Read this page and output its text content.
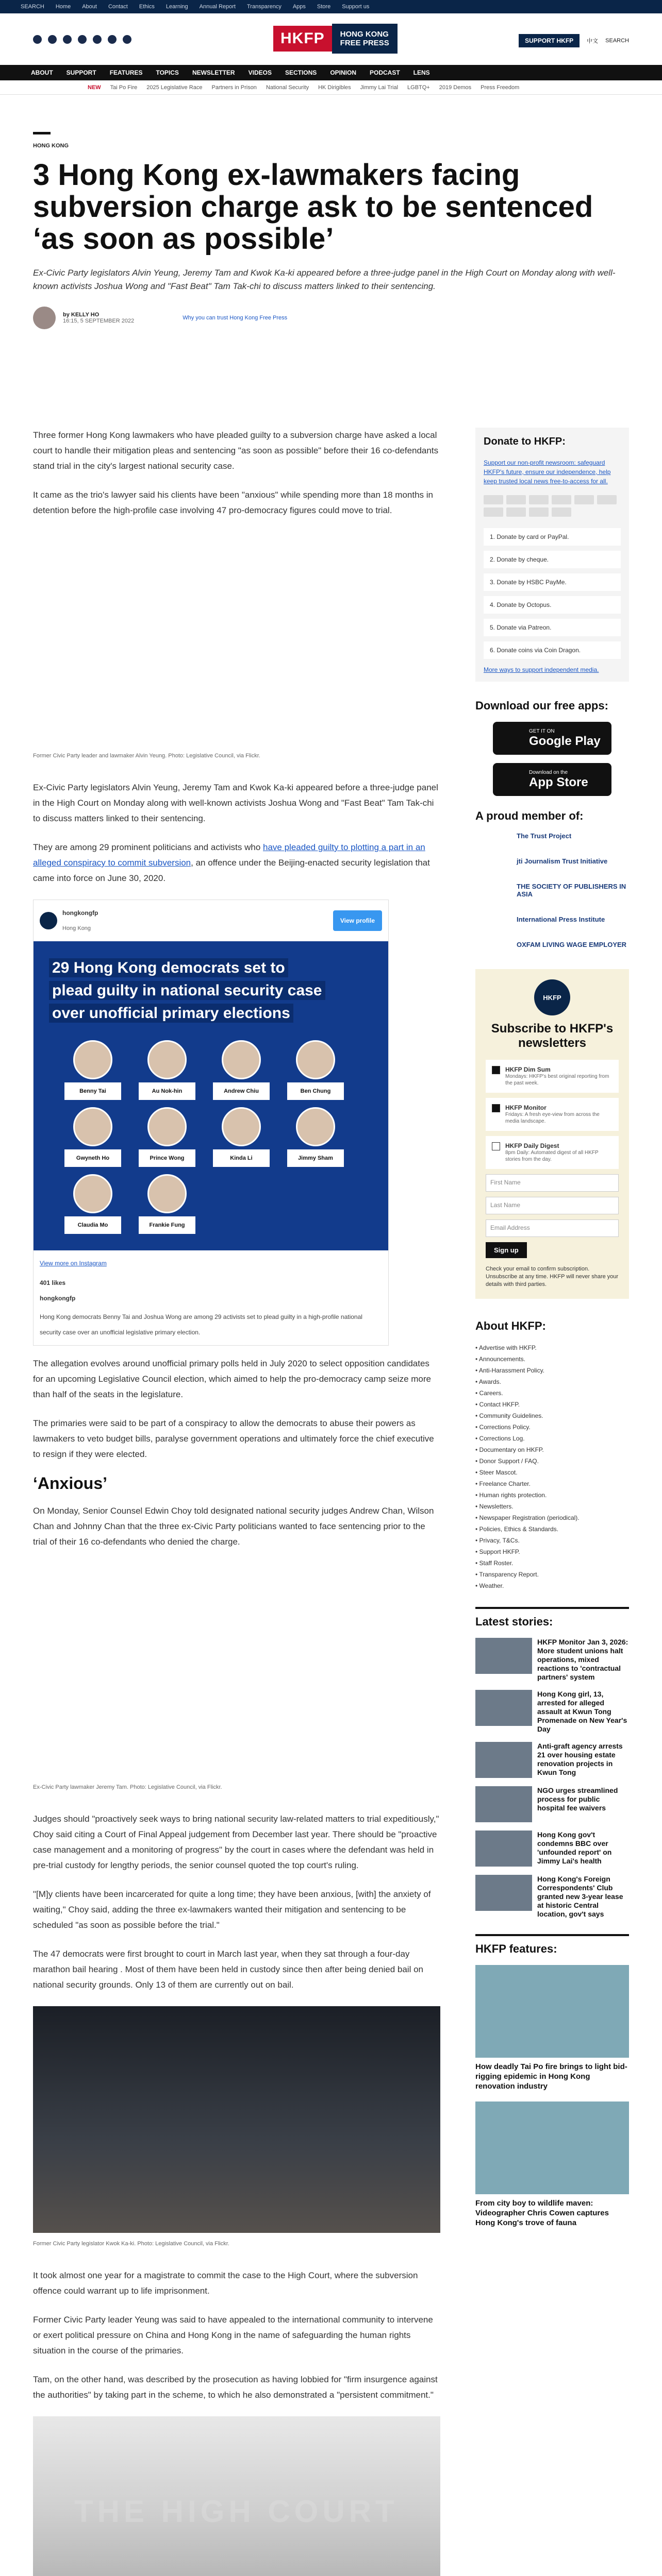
SEARCH Home About Contact Ethics Learning Annual Report Transparency Apps Store Support us
HKFP	HONG KONG
FREE PRESS	SUPPORT HKFP	中文 SEARCH
ABOUT SUPPORT FEATURES TOPICS NEWSLETTER VIDEOS SECTIONS OPINION PODCAST LENS
NEW Tai Po Fire 2025 Legislative Race Partners in Prison National Security HK Dirigibles Jimmy Lai Trial LGBTQ+ 2019 Demos Press Freedom
HONG KONG
3 Hong Kong ex-lawmakers facing subversion charge ask to be sentenced ‘as soon as possible’
Ex-Civic Party legislators Alvin Yeung, Jeremy Tam and Kwok Ka-ki appeared before a three-judge panel in the High Court on Monday along with well-known activists Joshua Wong and "Fast Beat" Tam Tak-chi to discuss matters linked to their sentencing.
by KELLY HO
16:15, 5 SEPTEMBER 2022	Why you can trust Hong Kong Free Press

Three former Hong Kong lawmakers who have pleaded guilty to a subversion charge have asked a local court to handle their mitigation pleas and sentencing "as soon as possible" before their 16 co-defendants stand trial in the city's largest national security case.

It came as the trio's lawyer said his clients have been "anxious" while spending more than 18 months in detention before the high-profile case involving 47 pro-democracy figures could move to trial.

Former Civic Party leader and lawmaker Alvin Yeung. Photo: Legislative Council, via Flickr.

Ex-Civic Party legislators Alvin Yeung, Jeremy Tam and Kwok Ka-ki appeared before a three-judge panel in the High Court on Monday along with well-known activists Joshua Wong and "Fast Beat" Tam Tak-chi to discuss matters linked to their sentencing.

They are among 29 prominent politicians and activists who have pleaded guilty to plotting a part in an alleged conspiracy to commit subversion, an offence under the Beijing-enacted security legislation that came into force on June 30, 2020.

hongkongfp
Hong Kong
View profile
29 Hong Kong democrats set to
plead guilty in national security case
over unofficial primary elections
Benny Tai	Au Nok-hin	Andrew Chiu	Ben Chung
Gwyneth Ho	Prince Wong	Kinda Li	Jimmy Sham
Claudia Mo	Frankie Fung
View more on Instagram
401 likes
hongkongfp
Hong Kong democrats Benny Tai and Joshua Wong are among 29 activists set to plead guilty in a high-profile national security case over an unofficial legislative primary election.

The allegation evolves around unofficial primary polls held in July 2020 to select opposition candidates for an upcoming Legislative Council election, which aimed to help the pro-democracy camp seize more than half of the seats in the legislature.

The primaries were said to be part of a conspiracy to allow the democrats to abuse their powers as lawmakers to veto budget bills, paralyse government operations and ultimately force the chief executive to resign if they were elected.

‘Anxious’

On Monday, Senior Counsel Edwin Choy told designated national security judges Andrew Chan, Wilson Chan and Johnny Chan that the three ex-Civic Party politicians wanted to face sentencing prior to the trial of their 16 co-defendants who denied the charge.

Ex-Civic Party lawmaker Jeremy Tam. Photo: Legislative Council, via Flickr.

Judges should "proactively seek ways to bring national security law-related matters to trial expeditiously," Choy said citing a Court of Final Appeal judgement from December last year. There should be "proactive case management and a monitoring of progress" by the court in cases where the defendant was held in pre-trial custody for lengthy periods, the senior counsel quoted the top court's ruling.

"[M]y clients have been incarcerated for quite a long time; they have been anxious, [with] the anxiety of waiting," Choy said, adding the three ex-lawmakers wanted their mitigation and sentencing to be scheduled "as soon as possible before the trial."

The 47 democrats were first brought to court in March last year, when they sat through a four-day marathon bail hearing . Most of them have been held in custody since then after being denied bail on national security grounds. Only 13 of them are currently out on bail.

Former Civic Party legislator Kwok Ka-ki. Photo: Legislative Council, via Flickr.

It took almost one year for a magistrate to commit the case to the High Court, where the subversion offence could warrant up to life imprisonment.

Former Civic Party leader Yeung was said to have appealed to the international community to intervene or exert political pressure on China and Hong Kong in the name of safeguarding the human rights situation in the course of the primaries.

Tam, on the other hand, was described by the prosecution as having lobbied for "firm insurgence against the authorities" by taking part in the scheme, to which he also demonstrated a "persistent commitment."

THE HIGH COURT

Donate to HKFP:

Support our non-profit newsroom: safeguard HKFP's future, ensure our independence, help keep trusted local news free-to-access for all.

1. Donate by card or PayPal.
2. Donate by cheque.
3. Donate by HSBC PayMe.
4. Donate by Octopus.
5. Donate via Patreon.
6. Donate coins via Coin Dragon.
More ways to support independent media.
Download our free apps:
GET IT ON
Google Play
Download on the
App Store
A proud member of:
The Trust Project
jti Journalism Trust Initiative
THE SOCIETY OF PUBLISHERS IN ASIA
International Press Institute
OXFAM LIVING WAGE EMPLOYER
HKFP
Subscribe to HKFP's newsletters
HKFP Dim Sum
Mondays: HKFP's best original reporting from the past week.
HKFP Monitor
Fridays: A fresh eye-view from across the media landscape.
HKFP Daily Digest
8pm Daily: Automated digest of all HKFP stories from the day.
First Name
Last Name
Email Address
Sign up
Check your email to confirm subscription. Unsubscribe at any time. HKFP will never share your details with third parties.
About HKFP:
• Advertise with HKFP.
• Announcements.
• Anti-Harassment Policy.
• Awards.
• Careers.
• Contact HKFP.
• Community Guidelines.
• Corrections Policy.
• Corrections Log.
• Documentary on HKFP.
• Donor Support / FAQ.
• Steer Mascot.
• Freelance Charter.
• Human rights protection.
• Newsletters.
• Newspaper Registration (periodical).
• Policies, Ethics & Standards.
• Privacy, T&Cs.
• Support HKFP.
• Staff Roster.
• Transparency Report.
• Weather.
Latest stories:
HKFP Monitor Jan 3, 2026: More student unions halt operations, mixed reactions to 'contractual partners' system
Hong Kong girl, 13, arrested for alleged assault at Kwun Tong Promenade on New Year's Day
Anti-graft agency arrests 21 over housing estate renovation projects in Kwun Tong
NGO urges streamlined process for public hospital fee waivers
Hong Kong gov't condemns BBC over 'unfounded report' on Jimmy Lai's health
Hong Kong's Foreign Correspondents' Club granted new 3-year lease at historic Central location, gov't says
HKFP features:
How deadly Tai Po fire brings to light bid-rigging epidemic in Hong Kong renovation industry
From city boy to wildlife maven: Videographer Chris Cowen captures Hong Kong's trove of fauna
